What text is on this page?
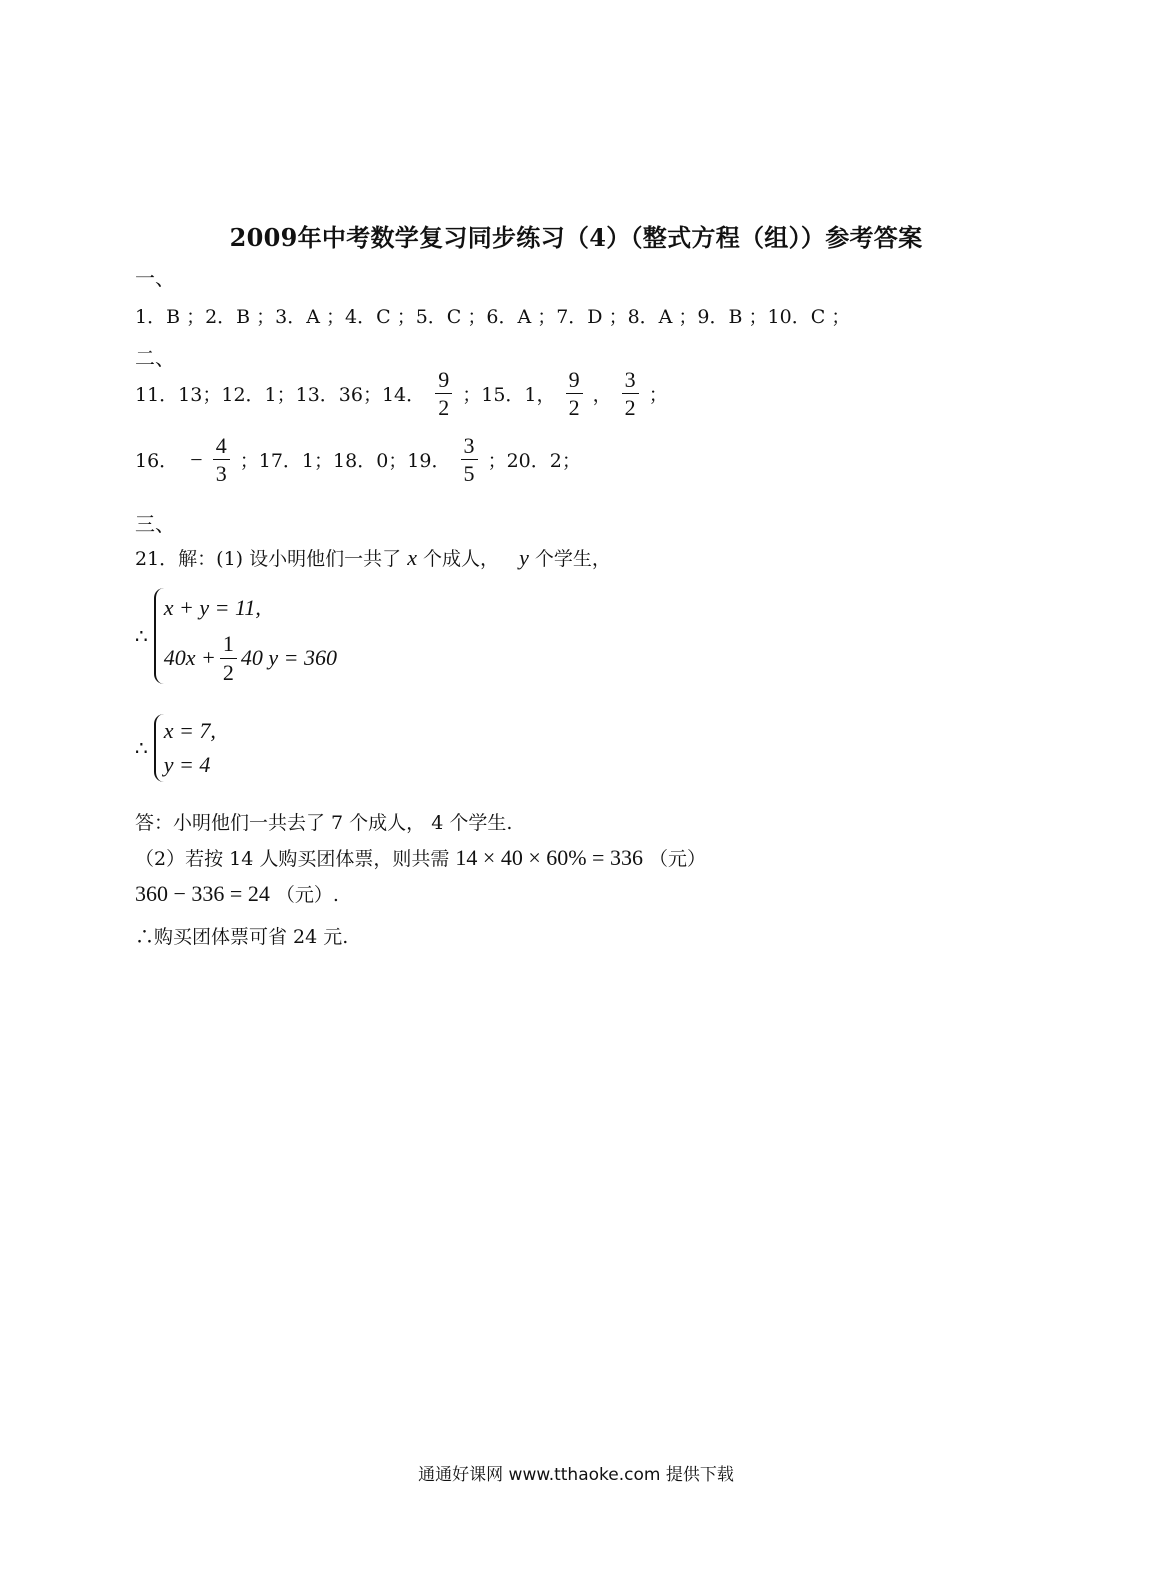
2009年中考数学复习同步练习（4）（整式方程（组））参考答案
一、
1．B ；2．B ；3．A ；4．C ；5．C ；6．A ；7．D ；8．A ；9．B ；10．C ；
二、
11．13；12．1；13．36；14． $\frac{9}{2}$ ；15．1， $\frac{9}{2}$ ， $\frac{3}{2}$ ；
16． − $\frac{4}{3}$ ；17．1；18．0；19． $\frac{3}{5}$ ；20．2；
三、
21．解：(1) 设小明他们一共了 x 个成人， y 个学生，
∴
x + y = 11,
$40x + \frac{1}{2} 40$ y = 360
∴
x = 7,
y = 4
答：小明他们一共去了 7 个成人， 4 个学生.
（2）若按 14 人购买团体票，则共需 14 × 40 × 60% = 336 （元）
360 − 336 = 24 （元）.
∴购买团体票可省 24 元.
通通好课网 www.tthaoke.com 提供下载
